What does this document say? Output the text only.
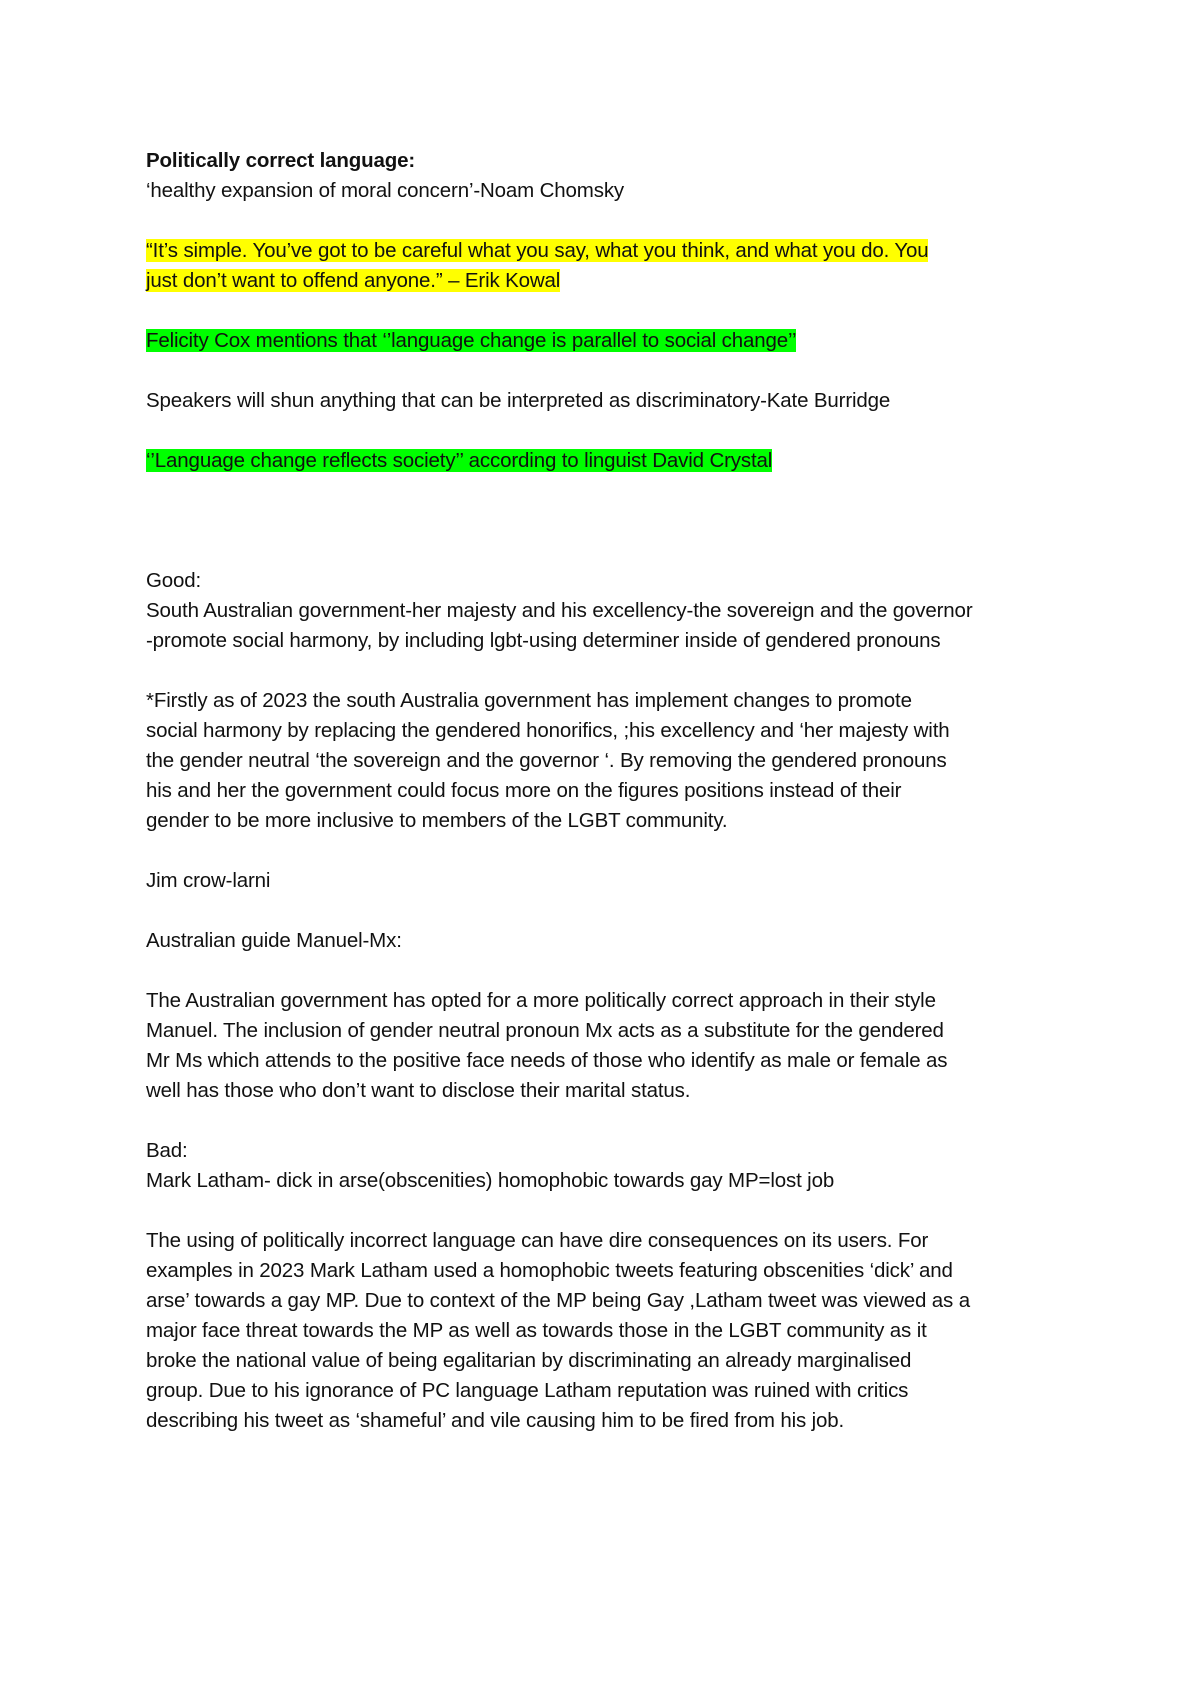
Politically correct language:
‘healthy expansion of moral concern’-Noam Chomsky
“It’s simple. You’ve got to be careful what you say, what you think, and what you do. You
just don’t want to offend anyone.” – Erik Kowal
Felicity Cox mentions that ‘’language change is parallel to social change’’
Speakers will shun anything that can be interpreted as discriminatory-Kate Burridge
‘’Language change reflects society’’ according to linguist David Crystal
Good:
South Australian government-her majesty and his excellency-the sovereign and the governor
-promote social harmony, by including lgbt-using determiner inside of gendered pronouns
*Firstly as of 2023 the south Australia government has implement changes to promote
social harmony by replacing the gendered honorifics, ;his excellency and ‘her majesty with
the gender neutral ‘the sovereign and the governor ‘. By removing the gendered pronouns
his and her the government could focus more on the figures positions instead of their
gender to be more inclusive to members of the LGBT community.
Jim crow-larni
Australian guide Manuel-Mx:
The Australian government has opted for a more politically correct approach in their style
Manuel. The inclusion of gender neutral pronoun Mx acts as a substitute for the gendered
Mr Ms which attends to the positive face needs of those who identify as male or female as
well has those who don’t want to disclose their marital status.
Bad:
Mark Latham- dick in arse(obscenities) homophobic towards gay MP=lost job
The using of politically incorrect language can have dire consequences on its users. For
examples in 2023 Mark Latham used a homophobic tweets featuring obscenities ‘dick’ and
arse’ towards a gay MP. Due to context of the MP being Gay ,Latham tweet was viewed as a
major face threat towards the MP as well as towards those in the LGBT community as it
broke the national value of being egalitarian by discriminating an already marginalised
group. Due to his ignorance of PC language Latham reputation was ruined with critics
describing his tweet as ‘shameful’ and vile causing him to be fired from his job.
